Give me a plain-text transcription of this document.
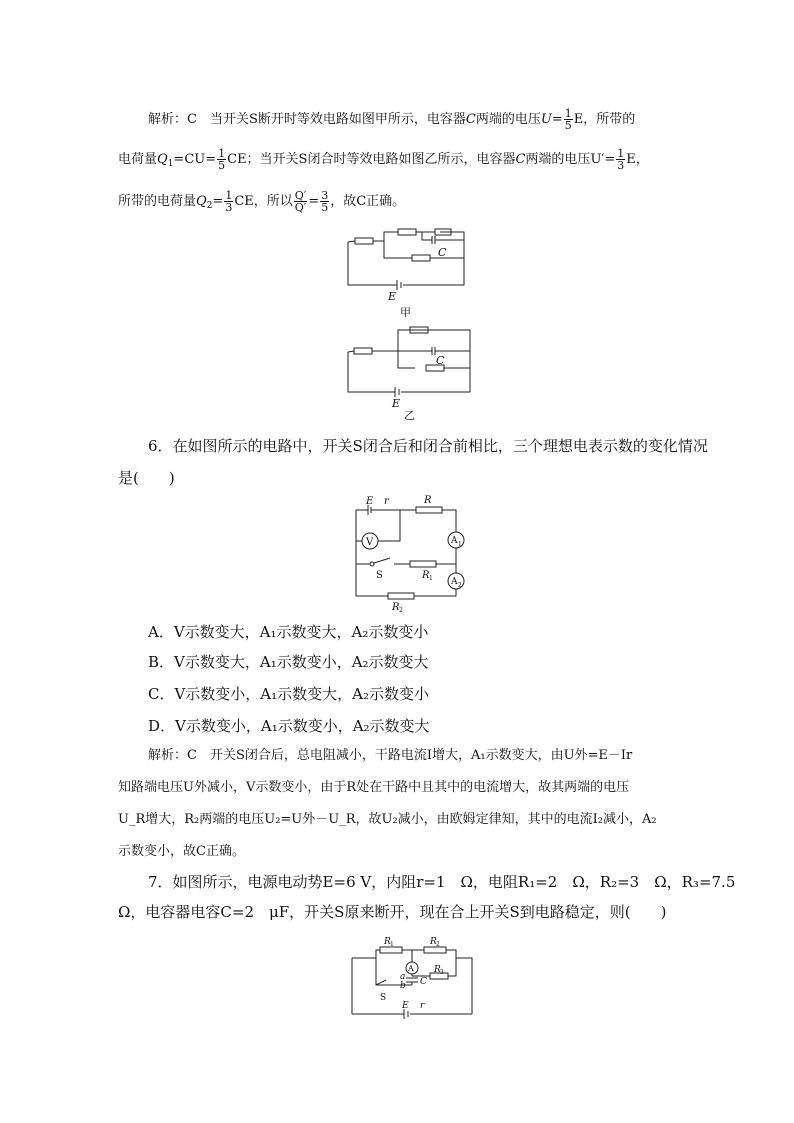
解析：C　当开关S断开时等效电路如图甲所示，电容器C两端的电压$U= \frac{1}{5}$ E，所带的
电荷量$Q_1=CU= \frac{1}{5}$ CE；当开关S闭合时等效电路如图乙所示，电容器C两端的电压$U'= \frac{1}{3}$ E，
所带的电荷量$Q_2= \frac{1}{3}$ CE，所以 $\frac{Q'}{Q'} = \frac{3}{5}$ ，故C正确。
C
E
甲
C
E
乙
6．在如图所示的电路中，开关S闭合后和闭合前相比，三个理想电表示数的变化情况
是(　　)
E r	R
V	A 1
A 2
S	R 1
R 2
A．V示数变大，A₁示数变大，A₂示数变小
B．V示数变大，A₁示数变小，A₂示数变大
C．V示数变小，A₁示数变大，A₂示数变小
D．V示数变小，A₁示数变小，A₂示数变大
解析：C　开关S闭合后，总电阻减小，干路电流I增大，A₁示数变大，由U外=E－Ir
知路端电压U外减小，V示数变小，由于R处在干路中且其中的电流增大，故其两端的电压
U_R增大，R₂两端的电压U₂=U外－U_R，故U₂减小，由欧姆定律知，其中的电流I₂减小，A₂
示数变小，故C正确。
7．如图所示，电源电动势E=6 V，内阻r=1　Ω，电阻R₁=2　Ω，R₂=3　Ω，R₃=7.5
Ω，电容器电容C=2　μF，开关S原来断开，现在合上开关S到电路稳定，则(　　)
R 1	R 2
A R 3
a
b C
S
E r
